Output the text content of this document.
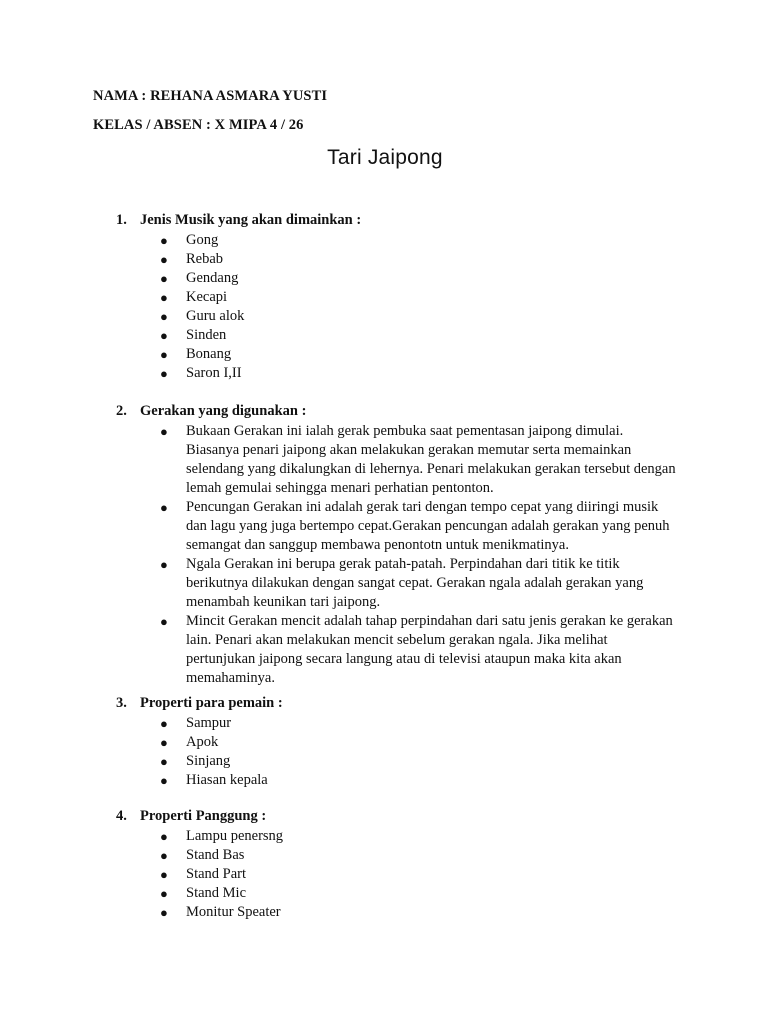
NAMA : REHANA ASMARA YUSTI
KELAS / ABSEN : X MIPA 4 / 26
Tari Jaipong
1. Jenis Musik yang akan dimainkan :
●	Gong
●	Rebab
●	Gendang
●	Kecapi
●	Guru alok
●	Sinden
●	Bonang
●	Saron I,II
2. Gerakan yang digunakan :
●	Bukaan Gerakan ini ialah gerak pembuka saat pementasan jaipong dimulai. Biasanya penari jaipong akan melakukan gerakan memutar serta memainkan selendang yang dikalungkan di lehernya. Penari melakukan gerakan tersebut dengan lemah gemulai sehingga menari perhatian pentonton.
●	Pencungan Gerakan ini adalah gerak tari dengan tempo cepat yang diiringi musik dan lagu yang juga bertempo cepat.Gerakan pencungan adalah gerakan yang penuh semangat dan sanggup membawa penontotn untuk menikmatinya.
●	Ngala Gerakan ini berupa gerak patah-patah. Perpindahan dari titik ke titik berikutnya dilakukan dengan sangat cepat. Gerakan ngala adalah gerakan yang menambah keunikan tari jaipong.
●	Mincit Gerakan mencit adalah tahap perpindahan dari satu jenis gerakan ke gerakan lain. Penari akan melakukan mencit sebelum gerakan ngala. Jika melihat pertunjukan jaipong secara langung atau di televisi ataupun maka kita akan memahaminya.
3. Properti para pemain :
●	Sampur
●	Apok
●	Sinjang
●	Hiasan kepala
4. Properti Panggung :
●	Lampu penersng
●	Stand Bas
●	Stand Part
●	Stand Mic
●	Monitur Speater
